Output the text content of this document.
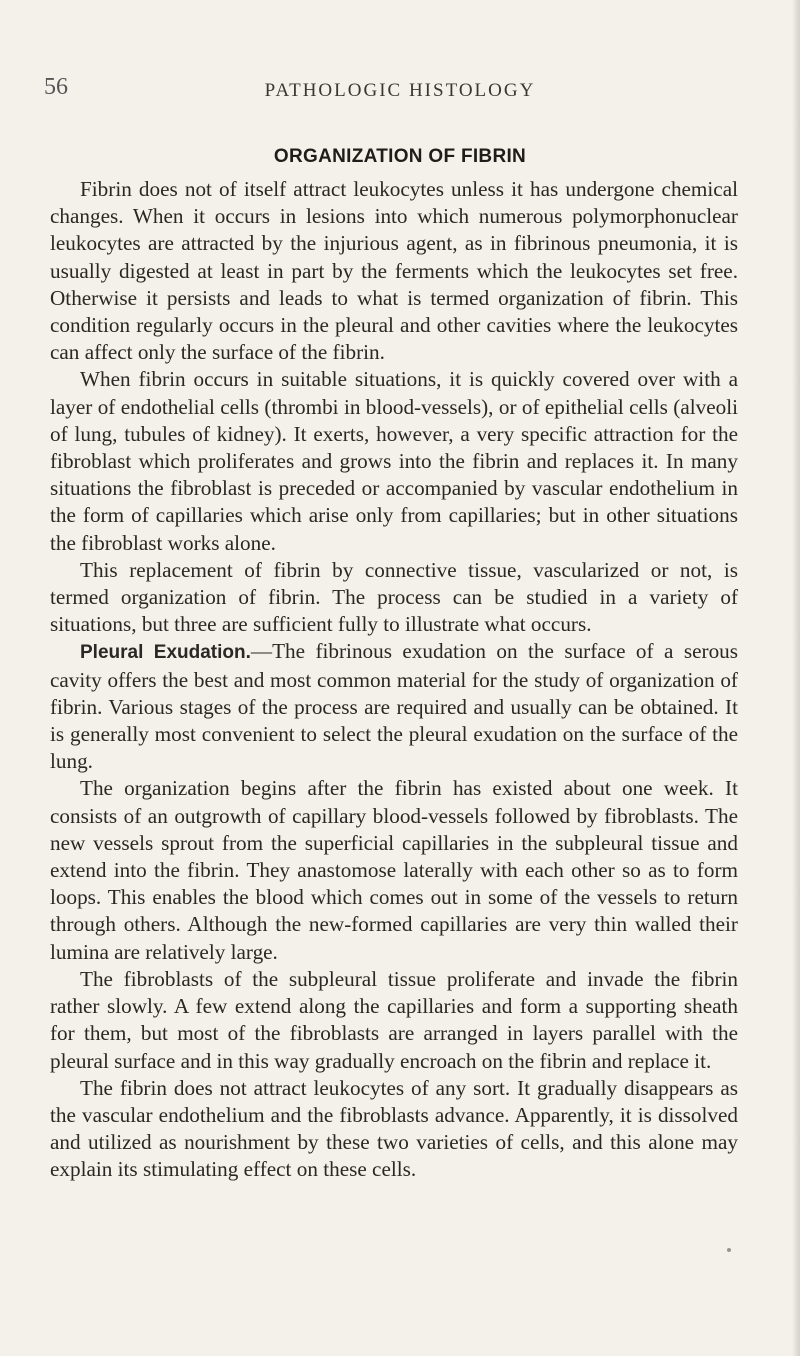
56	PATHOLOGIC HISTOLOGY
ORGANIZATION OF FIBRIN

Fibrin does not of itself attract leukocytes unless it has undergone chemical changes. When it occurs in lesions into which numerous polymorphonuclear leukocytes are attracted by the injurious agent, as in fibrinous pneumonia, it is usually digested at least in part by the ferments which the leukocytes set free. Otherwise it persists and leads to what is termed organization of fibrin. This condition regularly occurs in the pleural and other cavities where the leukocytes can affect only the surface of the fibrin.

When fibrin occurs in suitable situations, it is quickly covered over with a layer of endothelial cells (thrombi in blood-vessels), or of epithelial cells (alveoli of lung, tubules of kidney). It exerts, however, a very specific attraction for the fibroblast which proliferates and grows into the fibrin and replaces it. In many situations the fibroblast is preceded or accompanied by vascular endothelium in the form of capillaries which arise only from capillaries; but in other situations the fibroblast works alone.

This replacement of fibrin by connective tissue, vascularized or not, is termed organization of fibrin. The process can be studied in a variety of situations, but three are sufficient fully to illustrate what occurs.

Pleural Exudation.—The fibrinous exudation on the surface of a serous cavity offers the best and most common material for the study of organization of fibrin. Various stages of the process are required and usually can be obtained. It is generally most convenient to select the pleural exudation on the surface of the lung.

The organization begins after the fibrin has existed about one week. It consists of an outgrowth of capillary blood-vessels followed by fibroblasts. The new vessels sprout from the superficial capillaries in the subpleural tissue and extend into the fibrin. They anastomose laterally with each other so as to form loops. This enables the blood which comes out in some of the vessels to return through others. Although the new-formed capillaries are very thin walled their lumina are relatively large.

The fibroblasts of the subpleural tissue proliferate and invade the fibrin rather slowly. A few extend along the capillaries and form a supporting sheath for them, but most of the fibroblasts are arranged in layers parallel with the pleural surface and in this way gradually encroach on the fibrin and replace it.

The fibrin does not attract leukocytes of any sort. It gradually disappears as the vascular endothelium and the fibroblasts advance. Apparently, it is dissolved and utilized as nourishment by these two varieties of cells, and this alone may explain its stimulating effect on these cells.
